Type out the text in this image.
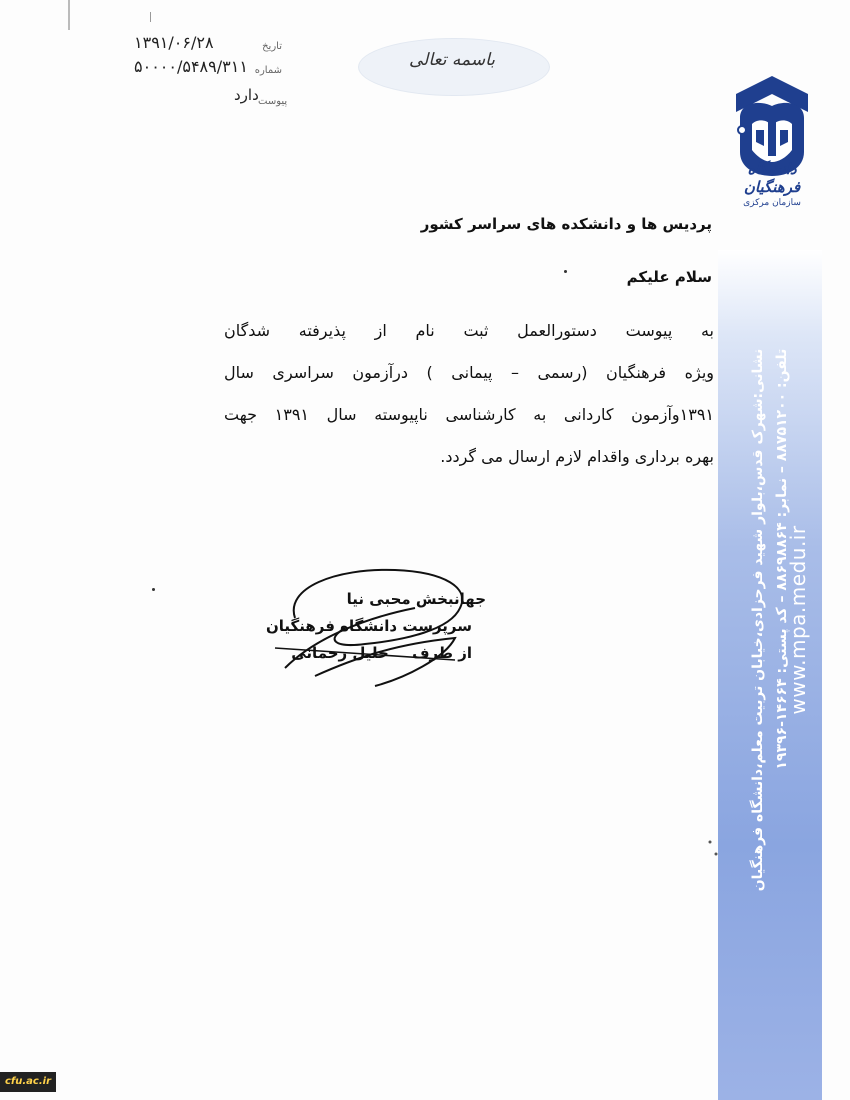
تاریخ
۱۳۹۱/۰۶/۲۸
شماره
۵۰۰۰۰/۵۴۸۹/۳۱۱
دارد پیوست
باسمه تعالی
دانشگاه فرهنگیان
سازمان مرکزی
پردیس ها و دانشکده های سراسر کشور
سلام علیکم
به پیوست دستورالعمل ثبت نام از پذیرفته شدگان
ویژه فرهنگیان (رسمی – پیمانی ) درآزمون سراسری سال
۱۳۹۱وآزمون کاردانی به کارشناسی ناپیوسته سال ۱۳۹۱ جهت
بهره برداری واقدام لازم ارسال می گردد.
جهانبخش محبی نیا
سرپرست دانشگاه فرهنگیان
از طرف خلیل رحمانی	نشانی:شهرک قدس،بلوار شهید فرحزادی،خیابان تربیت معلم،دانشگاه فرهنگیان تلفن: ۸۸۷۵۱۲۰۰ – نمابر: ۸۸۶۹۸۸۶۴ – کد پستی: ۱۴۶۶۴-۱۹۳۹۶
www.mpa.medu.ir
cfu.ac.ir
